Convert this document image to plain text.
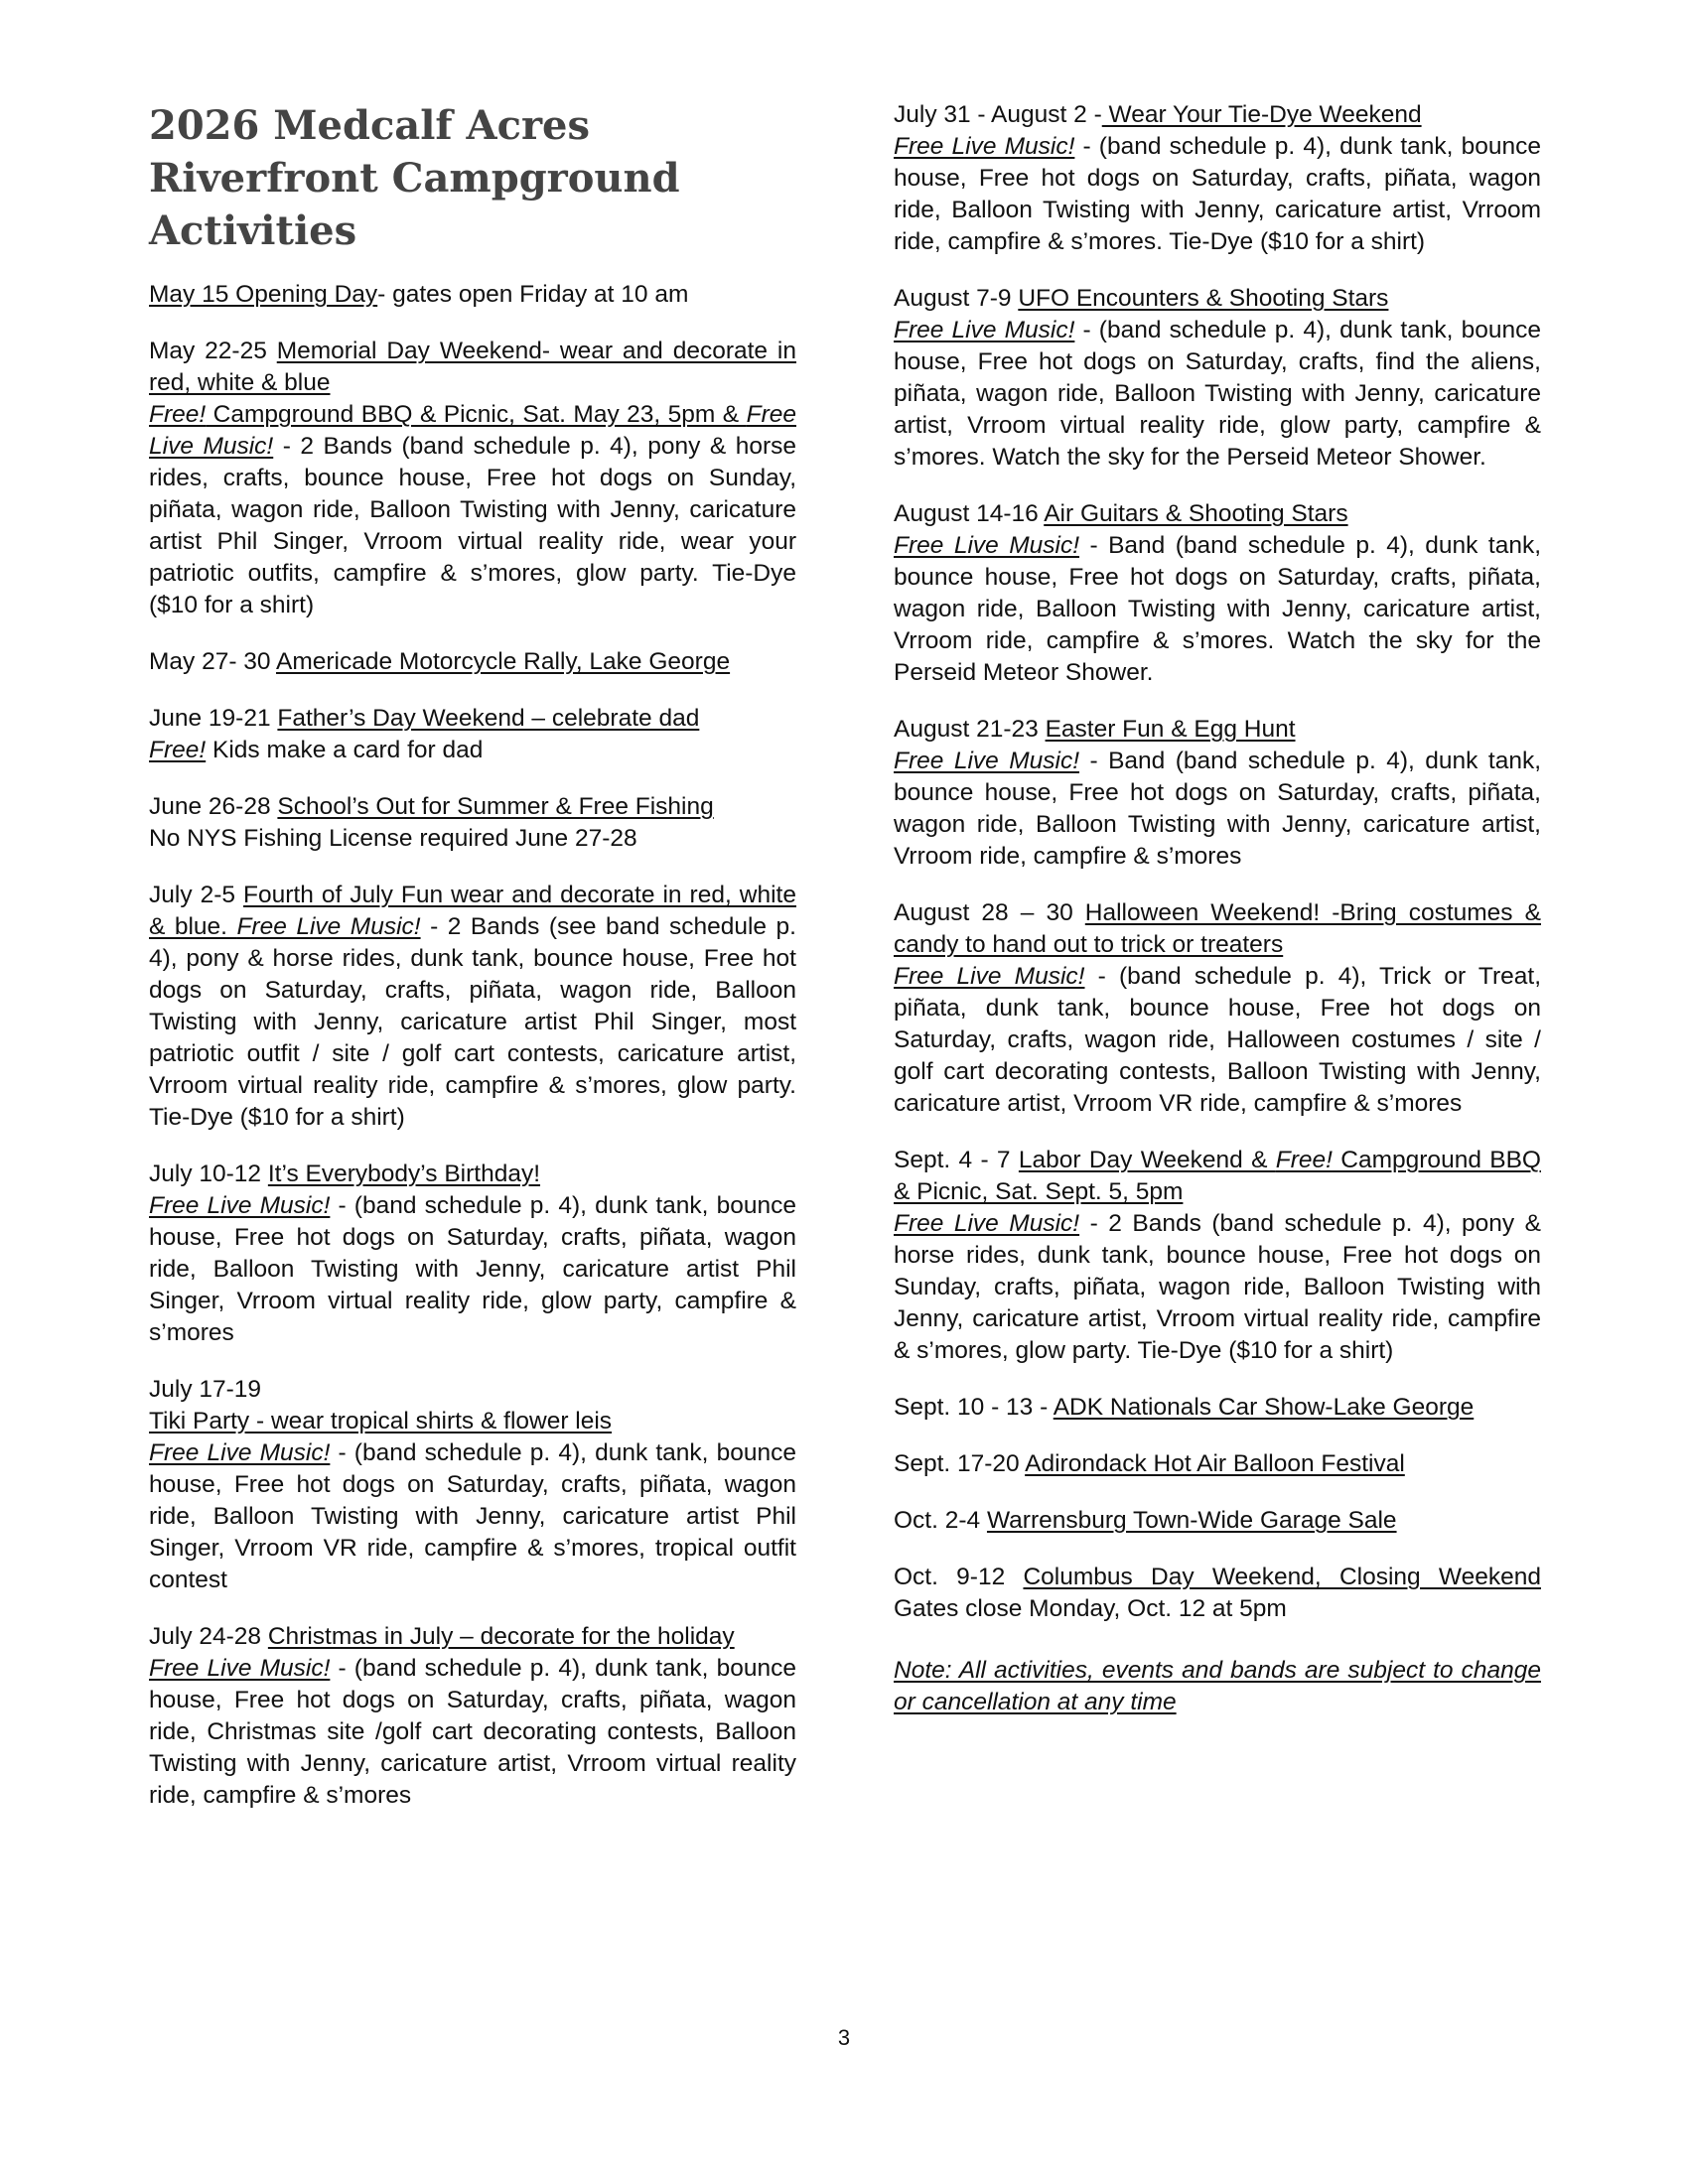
2026 Medcalf Acres Riverfront Campground Activities

May 15 Opening Day- gates open Friday at 10 am

May 22-25 Memorial Day Weekend- wear and decorate in red, white & blue
Free! Campground BBQ & Picnic, Sat. May 23, 5pm & Free Live Music! - 2 Bands (band schedule p. 4), pony & horse rides, crafts, bounce house, Free hot dogs on Sunday, piñata, wagon ride, Balloon Twisting with Jenny, caricature artist Phil Singer, Vrroom virtual reality ride, wear your patriotic outfits, campfire & s’mores, glow party. Tie-Dye ($10 for a shirt)

May 27- 30 Americade Motorcycle Rally, Lake George

June 19-21 Father’s Day Weekend – celebrate dad
Free! Kids make a card for dad

June 26-28 School’s Out for Summer & Free Fishing
No NYS Fishing License required June 27-28

July 2-5 Fourth of July Fun wear and decorate in red, white & blue. Free Live Music! - 2 Bands (see band schedule p. 4), pony & horse rides, dunk tank, bounce house, Free hot dogs on Saturday, crafts, piñata, wagon ride, Balloon Twisting with Jenny, caricature artist Phil Singer, most patriotic outfit / site / golf cart contests, caricature artist, Vrroom virtual reality ride, campfire & s’mores, glow party. Tie-Dye ($10 for a shirt)

July 10-12 It’s Everybody’s Birthday!
Free Live Music! - (band schedule p. 4), dunk tank, bounce house, Free hot dogs on Saturday, crafts, piñata, wagon ride, Balloon Twisting with Jenny, caricature artist Phil Singer, Vrroom virtual reality ride, glow party, campfire & s’mores

July 17-19
Tiki Party - wear tropical shirts & flower leis
Free Live Music! - (band schedule p. 4), dunk tank, bounce house, Free hot dogs on Saturday, crafts, piñata, wagon ride, Balloon Twisting with Jenny, caricature artist Phil Singer, Vrroom VR ride, campfire & s’mores, tropical outfit contest

July 24-28 Christmas in July – decorate for the holiday
Free Live Music! - (band schedule p. 4), dunk tank, bounce house, Free hot dogs on Saturday, crafts, piñata, wagon ride, Christmas site /golf cart decorating contests, Balloon Twisting with Jenny, caricature artist, Vrroom virtual reality ride, campfire & s’mores

July 31 - August 2 - Wear Your Tie-Dye Weekend
Free Live Music! - (band schedule p. 4), dunk tank, bounce house, Free hot dogs on Saturday, crafts, piñata, wagon ride, Balloon Twisting with Jenny, caricature artist, Vrroom ride, campfire & s’mores. Tie-Dye ($10 for a shirt)

August 7-9 UFO Encounters & Shooting Stars
Free Live Music! - (band schedule p. 4), dunk tank, bounce house, Free hot dogs on Saturday, crafts, find the aliens, piñata, wagon ride, Balloon Twisting with Jenny, caricature artist, Vrroom virtual reality ride, glow party, campfire & s’mores. Watch the sky for the Perseid Meteor Shower.

August 14-16 Air Guitars & Shooting Stars
Free Live Music! - Band (band schedule p. 4), dunk tank, bounce house, Free hot dogs on Saturday, crafts, piñata, wagon ride, Balloon Twisting with Jenny, caricature artist, Vrroom ride, campfire & s’mores. Watch the sky for the Perseid Meteor Shower.

August 21-23 Easter Fun & Egg Hunt
Free Live Music! - Band (band schedule p. 4), dunk tank, bounce house, Free hot dogs on Saturday, crafts, piñata, wagon ride, Balloon Twisting with Jenny, caricature artist, Vrroom ride, campfire & s’mores

August 28 – 30 Halloween Weekend! -Bring costumes & candy to hand out to trick or treaters
Free Live Music! - (band schedule p. 4), Trick or Treat, piñata, dunk tank, bounce house, Free hot dogs on Saturday, crafts, wagon ride, Halloween costumes / site / golf cart decorating contests, Balloon Twisting with Jenny, caricature artist, Vrroom VR ride, campfire & s’mores

Sept. 4 - 7 Labor Day Weekend & Free! Campground BBQ & Picnic, Sat. Sept. 5, 5pm
Free Live Music! - 2 Bands (band schedule p. 4), pony & horse rides, dunk tank, bounce house, Free hot dogs on Sunday, crafts, piñata, wagon ride, Balloon Twisting with Jenny, caricature artist, Vrroom virtual reality ride, campfire & s’mores, glow party. Tie-Dye ($10 for a shirt)

Sept. 10 - 13 - ADK Nationals Car Show-Lake George

Sept. 17-20 Adirondack Hot Air Balloon Festival

Oct. 2-4 Warrensburg Town-Wide Garage Sale

Oct. 9-12 Columbus Day Weekend, Closing Weekend Gates close Monday, Oct. 12 at 5pm

Note: All activities, events and bands are subject to change or cancellation at any time

3
